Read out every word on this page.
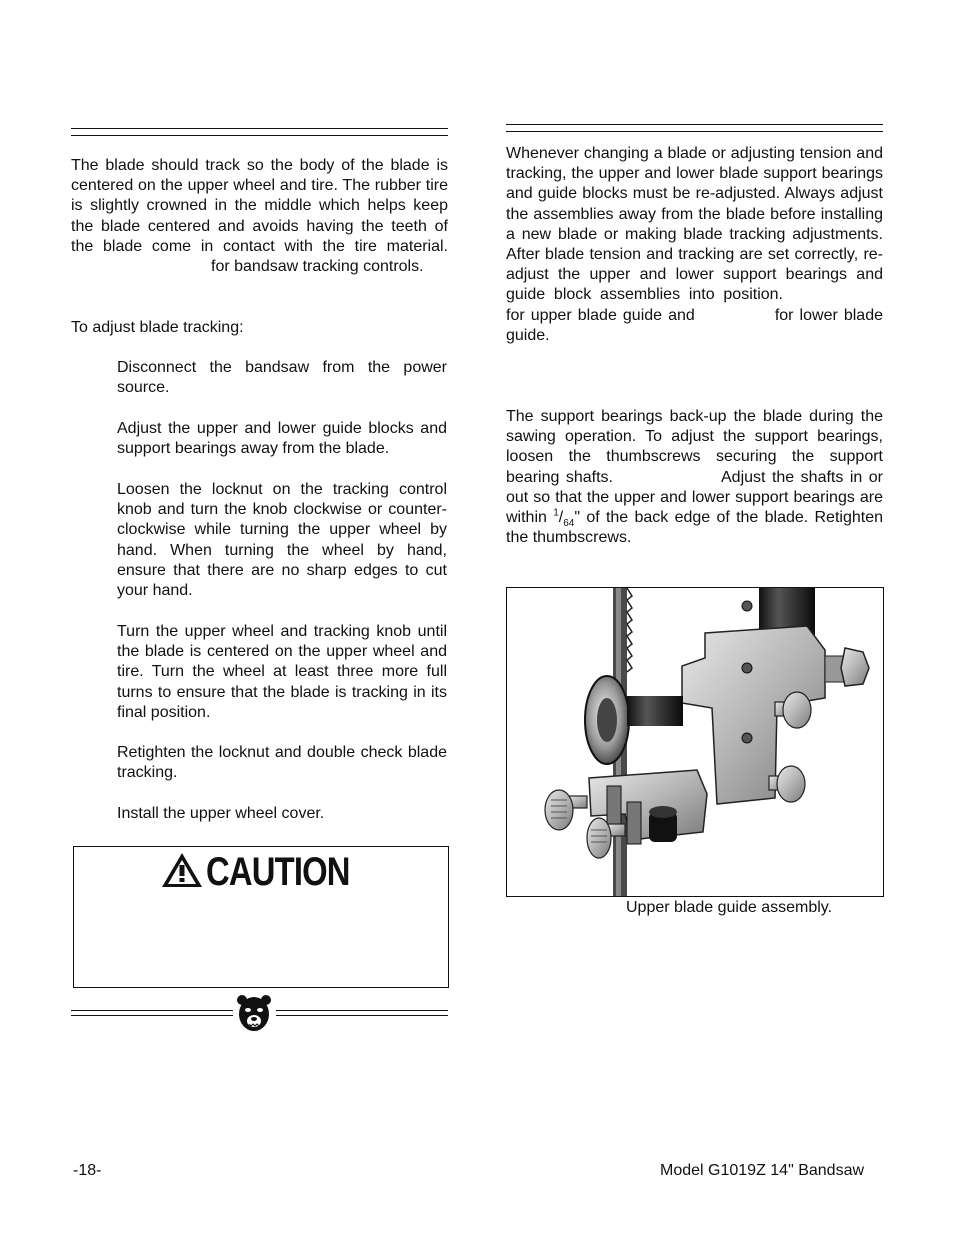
The blade should track so the body of the blade is centered on the upper wheel and tire. The rubber tire is slightly crowned in the middle which helps keep the blade centered and avoids having the teeth of the blade come in contact with the tire material.for bandsaw tracking controls.

To adjust blade tracking:
Disconnect the bandsaw from the power source.
Adjust the upper and lower guide blocks and support bearings away from the blade.
Loosen the locknut on the tracking control knob and turn the knob clockwise or counter-clockwise while turning the upper wheel by hand. When turning the wheel by hand, ensure that there are no sharp edges to cut your hand.
Turn the upper wheel and tracking knob until the blade is centered on the upper wheel and tire. Turn the wheel at least three more full turns to ensure that the blade is tracking in its final position.
Retighten the locknut and double check blade tracking.
Install the upper wheel cover.
CAUTION

Whenever changing a blade or adjusting tension and tracking, the upper and lower blade support bearings and guide blocks must be re-adjusted. Always adjust the assemblies away from the blade before installing a new blade or making blade tracking adjustments. After blade tension and tracking are set correctly, re-adjust the upper and lower support bearings and guide block assemblies into position.for upper blade guide and	for lower blade guide.

The support bearings back-up the blade during the sawing operation. To adjust the support bearings, loosen the thumbscrews securing the support bearing shafts.	Adjust the shafts in or out so that the upper and lower support bearings are within $^1/_{64}$" of the back edge of the blade. Retighten the thumbscrews.

Upper blade guide assembly.
-18-	Model G1019Z 14" Bandsaw
